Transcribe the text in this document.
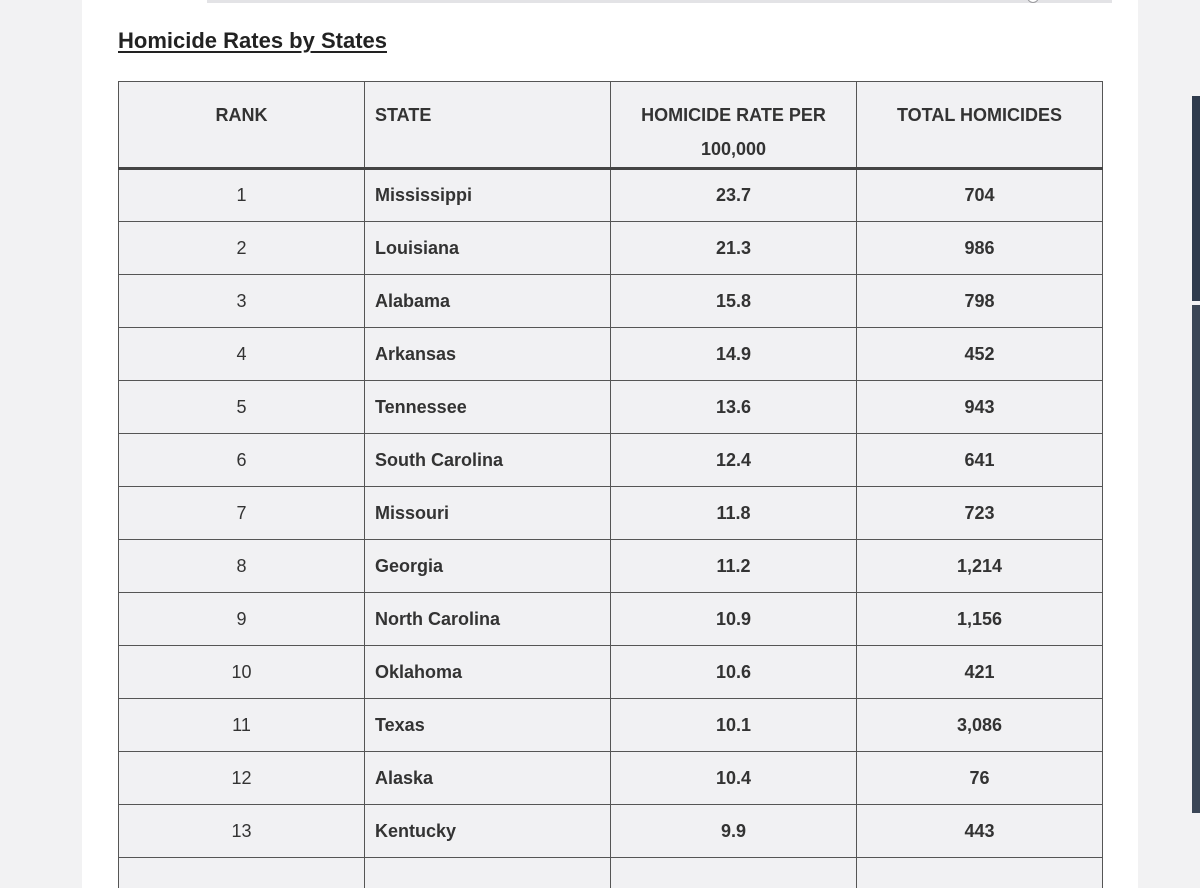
Homicide Rates by States
RANK	STATE	HOMICIDE RATE PER 100,000	TOTAL HOMICIDES
1	Mississippi	23.7	704
2	Louisiana	21.3	986
3	Alabama	15.8	798
4	Arkansas	14.9	452
5	Tennessee	13.6	943
6	South Carolina	12.4	641
7	Missouri	11.8	723
8	Georgia	11.2	1,214
9	North Carolina	10.9	1,156
10	Oklahoma	10.6	421
11	Texas	10.1	3,086
12	Alaska	10.4	76
13	Kentucky	9.9	443
